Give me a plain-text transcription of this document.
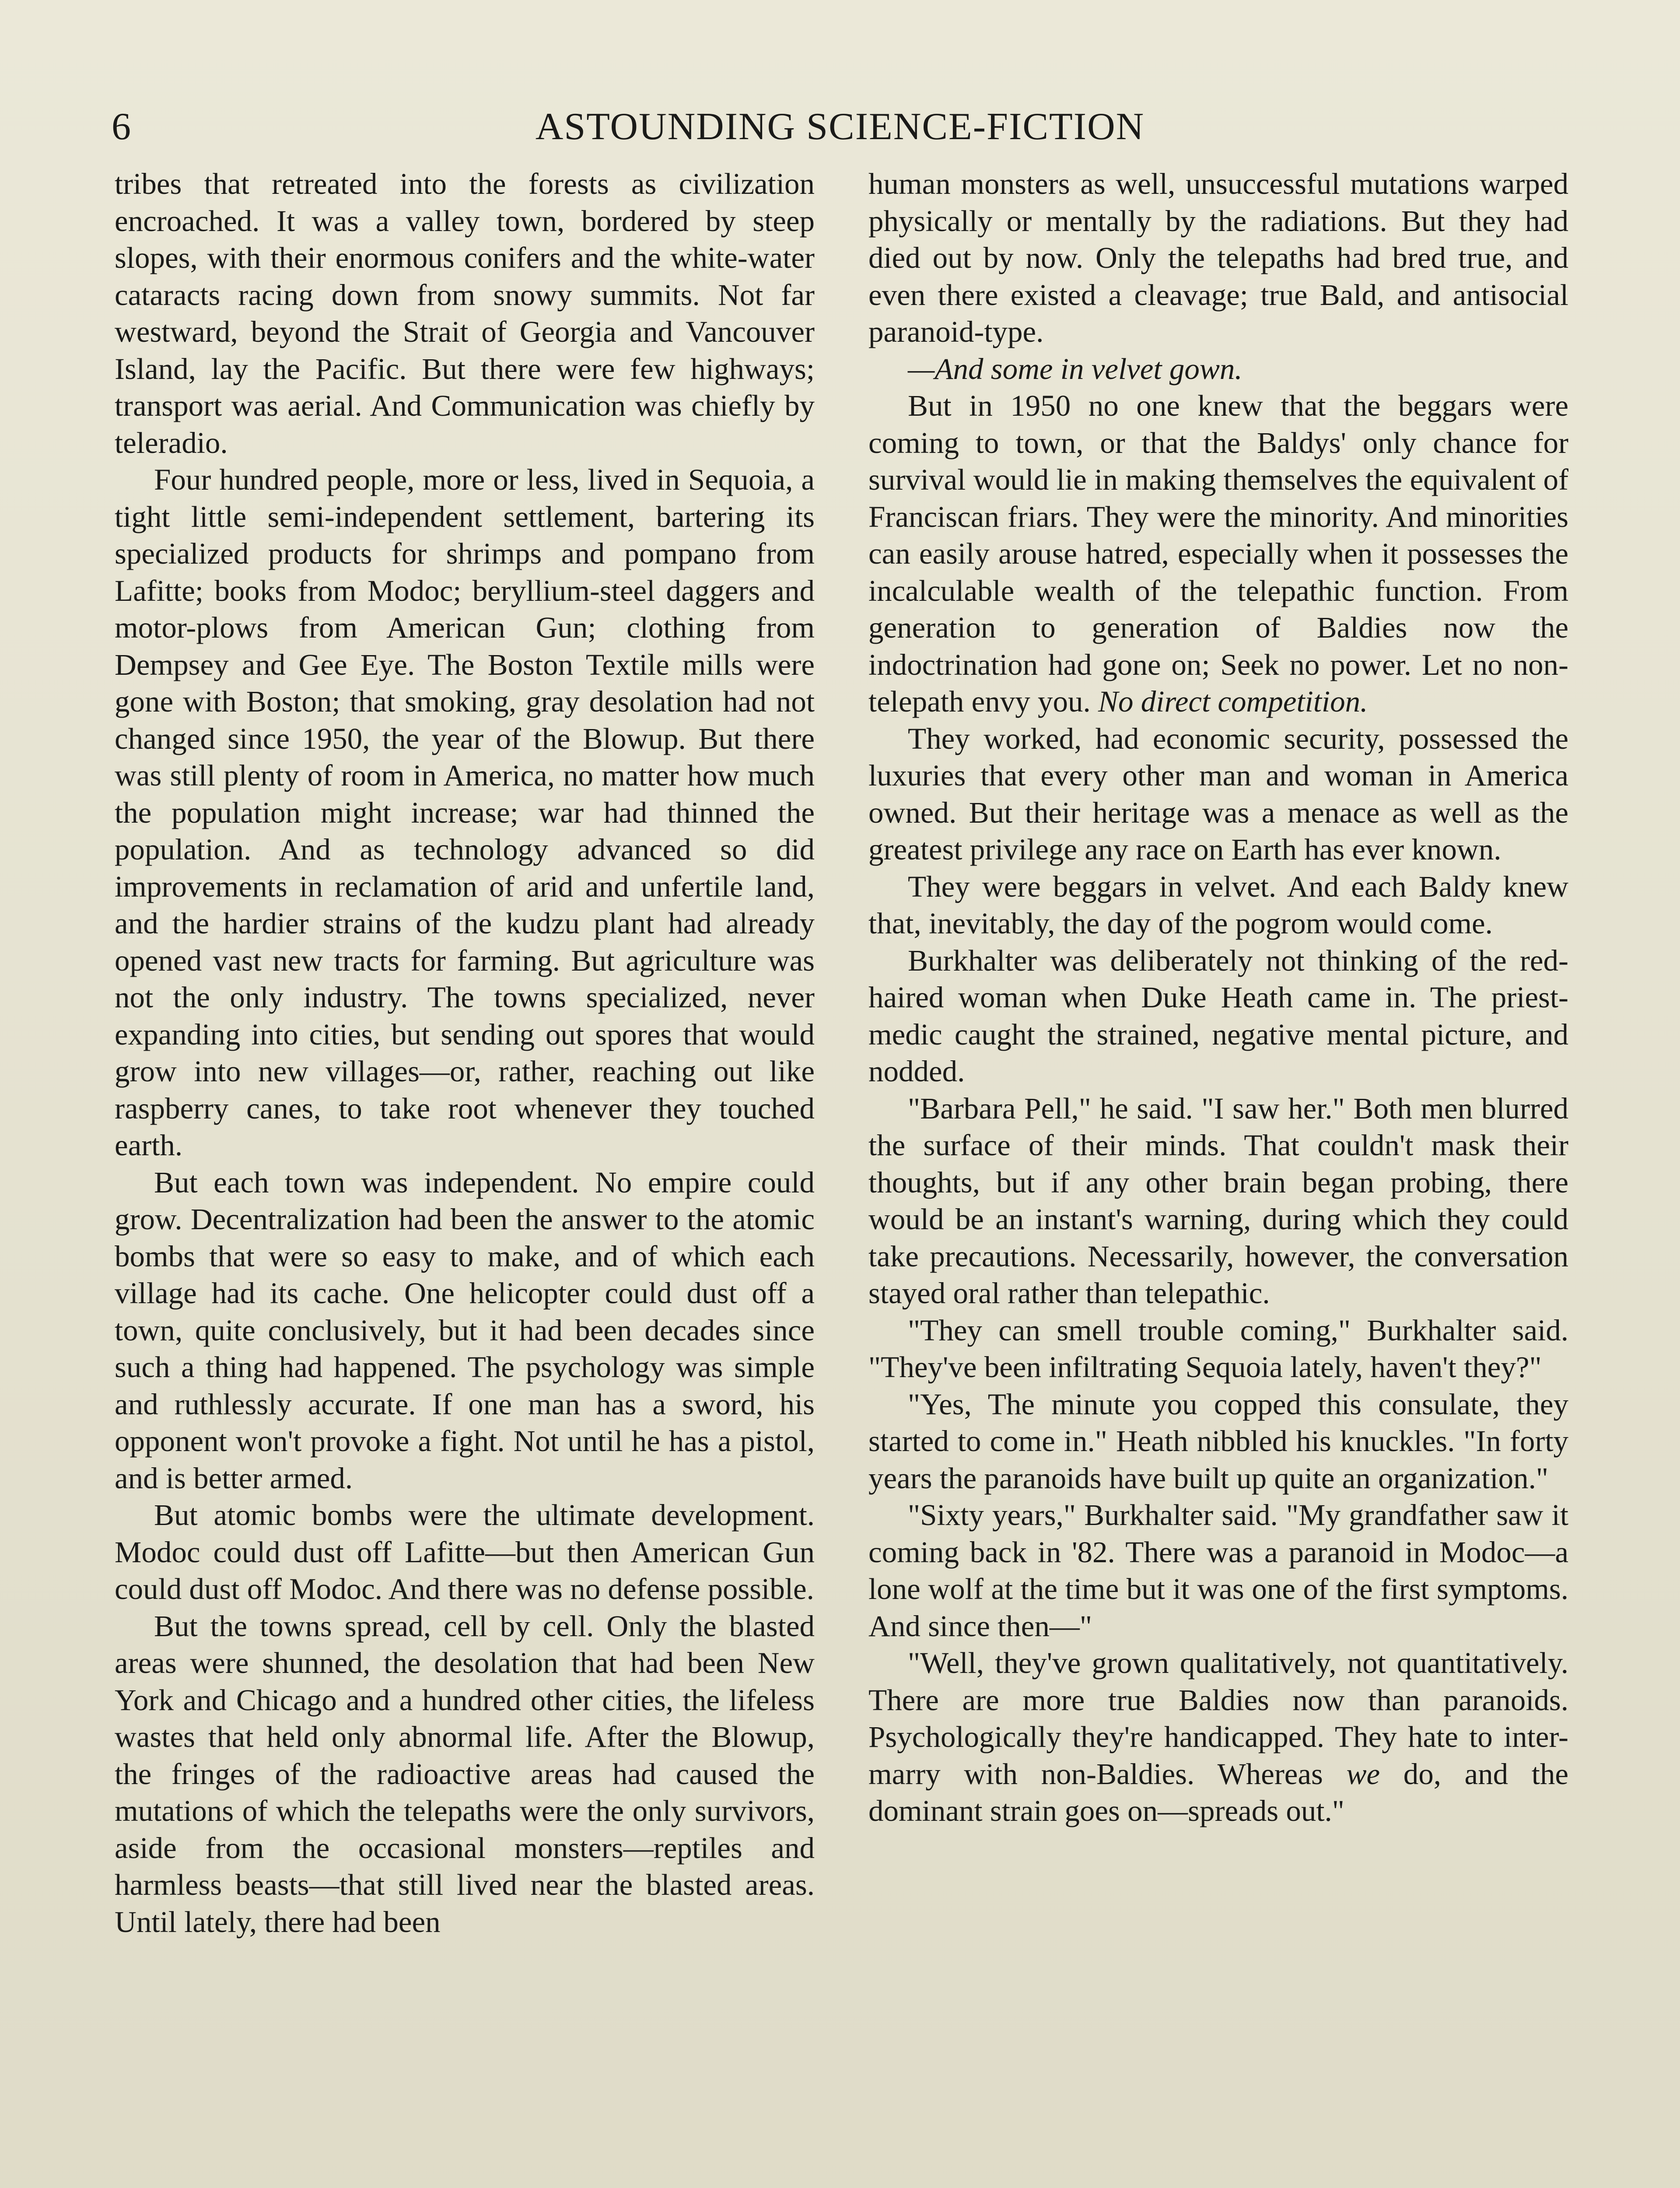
6	ASTOUNDING SCIENCE-FICTION

tribes that retreated into the forests as civilization encroached. It was a valley town, bordered by steep slopes, with their enormous conifers and the white-water cataracts racing down from snowy summits. Not far westward, beyond the Strait of Georgia and Vancouver Island, lay the Pacific. But there were few highways; transport was aerial. And Communication was chiefly by teleradio.

Four hundred people, more or less, lived in Sequoia, a tight little semi-independent settlement, bartering its specialized products for shrimps and pompano from Lafitte; books from Modoc; beryllium-steel daggers and motor-plows from American Gun; clothing from Dempsey and Gee Eye. The Boston Textile mills were gone with Boston; that smoking, gray desolation had not changed since 1950, the year of the Blowup. But there was still plenty of room in America, no matter how much the population might increase; war had thinned the population. And as technology advanced so did improvements in reclamation of arid and unfertile land, and the hardier strains of the kudzu plant had already opened vast new tracts for farming. But agriculture was not the only industry. The towns specialized, never expanding into cities, but sending out spores that would grow into new villages—or, rather, reaching out like raspberry canes, to take root whenever they touched earth.

But each town was independent. No empire could grow. Decentralization had been the answer to the atomic bombs that were so easy to make, and of which each village had its cache. One helicopter could dust off a town, quite conclusively, but it had been decades since such a thing had happened. The psychology was simple and ruthlessly accurate. If one man has a sword, his opponent won't provoke a fight. Not until he has a pistol, and is better armed.

But atomic bombs were the ultimate development. Modoc could dust off Lafitte—but then American Gun could dust off Modoc. And there was no defense possible.

But the towns spread, cell by cell. Only the blasted areas were shunned, the desolation that had been New York and Chicago and a hundred other cities, the lifeless wastes that held only abnormal life. After the Blowup, the fringes of the radioactive areas had caused the mutations of which the telepaths were the only survivors, aside from the occasional monsters—reptiles and harmless beasts—that still lived near the blasted areas. Until lately, there had been

human monsters as well, unsuccessful mutations warped physically or mentally by the radiations. But they had died out by now. Only the telepaths had bred true, and even there existed a cleavage; true Bald, and antisocial paranoid-type.

—And some in velvet gown.

But in 1950 no one knew that the beggars were coming to town, or that the Baldys' only chance for survival would lie in making themselves the equivalent of Franciscan friars. They were the minority. And minorities can easily arouse hatred, especially when it possesses the incalculable wealth of the telepathic function. From generation to generation of Baldies now the indoctrination had gone on; Seek no power. Let no non-telepath envy you. No direct competition.

They worked, had economic security, possessed the luxuries that every other man and woman in America owned. But their heritage was a menace as well as the greatest privilege any race on Earth has ever known.

They were beggars in velvet. And each Baldy knew that, inevitably, the day of the pogrom would come.

Burkhalter was deliberately not thinking of the red-haired woman when Duke Heath came in. The priest-medic caught the strained, negative mental picture, and nodded.

"Barbara Pell," he said. "I saw her." Both men blurred the surface of their minds. That couldn't mask their thoughts, but if any other brain began probing, there would be an instant's warning, during which they could take precautions. Necessarily, however, the conversation stayed oral rather than telepathic.

"They can smell trouble coming," Burkhalter said. "They've been infiltrating Sequoia lately, haven't they?"

"Yes, The minute you copped this consulate, they started to come in." Heath nibbled his knuckles. "In forty years the paranoids have built up quite an organization."

"Sixty years," Burkhalter said. "My grandfather saw it coming back in '82. There was a paranoid in Modoc—a lone wolf at the time but it was one of the first symptoms. And since then—"

"Well, they've grown qualitatively, not quantitatively. There are more true Baldies now than paranoids. Psychologically they're handicapped. They hate to inter-marry with non-Baldies. Whereas we do, and the dominant strain goes on—spreads out."
